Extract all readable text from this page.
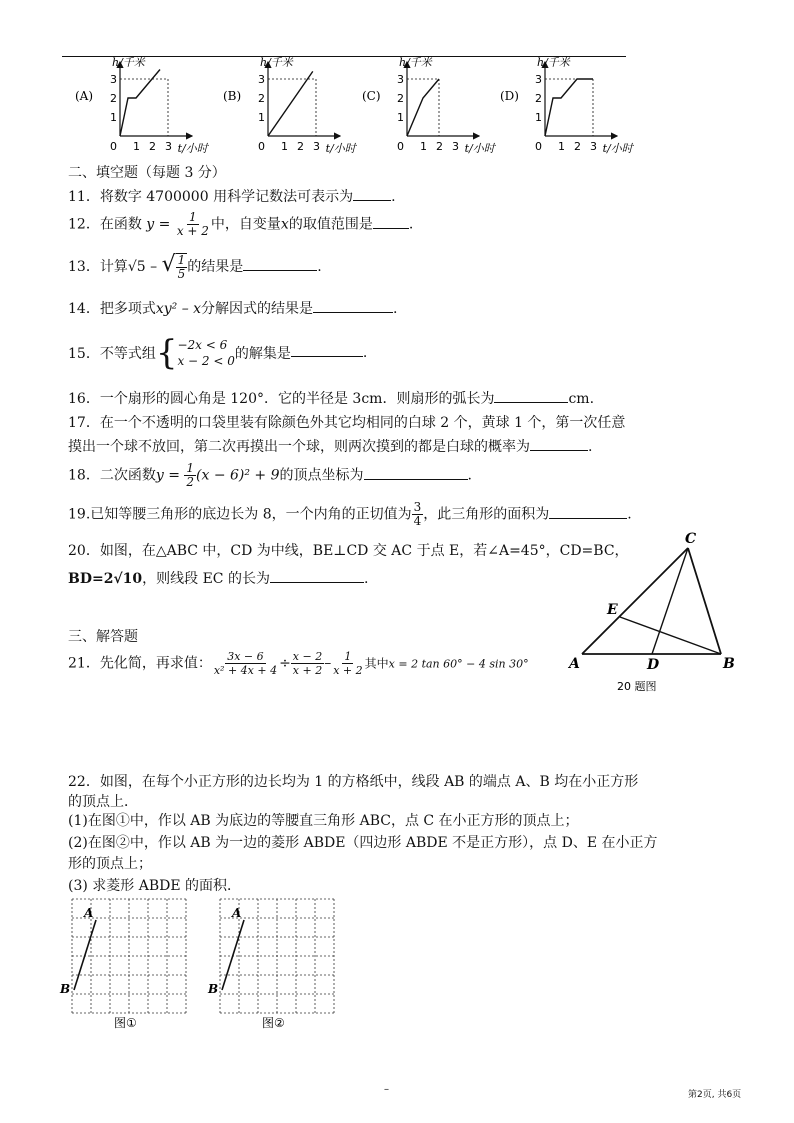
1
2
3
1 2 3
0
h/千米
t/小时
(A)
1
2
3
1 2 3
0
h/千米
t/小时
(B)
1
2
3
1 2 3
0
h/千米
t/小时
(C)
1
2
3
1 2 3
0
h/千米
t/小时
(D)
二、填空题（每题 3 分）
11．将数字 4700000 用科学记数法可表示为	.
12．在函数 $y = \frac{1}{x + 2}$ 中，自变量x的取值范围是	.
13．计算√5 – √ $\frac{1}{5}$ 的结果是	.
14．把多项式xy² – x分解因式的结果是	.
15．不等式组 { −2x < 6
x − 2 < 0 的解集是	.
16．一个扇形的圆心角是 120°．它的半径是 3cm．则扇形的弧长为	cm.
17．在一个不透明的口袋里装有除颜色外其它均相同的白球 2 个，黄球 1 个，第一次任意
摸出一个球不放回，第二次再摸出一个球，则两次摸到的都是白球的概率为	.
18．二次函数$y = \frac{1}{2} (x - 6)^2 + 9$的顶点坐标为	.
19.已知等腰三角形的底边长为 8，一个内角的正切值为 $\frac{3}{4}$ ，此三角形的面积为	.
20．如图，在△ABC 中，CD 为中线，BE⊥CD 交 AC 于点 E，若∠A=45°，CD=BC，
BD=2√10，则线段 EC 的长为	.
C
E
A	D	B
20 题图
三、解答题
21．先化简，再求值： $\frac{3x - 6}{\text{x² + 4x + 4}} \div \frac{x - 2}{x + 2} - \frac{1}{x + 2}$ 其中x = 2 tan 60° − 4 sin 30°
22．如图，在每个小正方形的边长均为 1 的方格纸中，线段 AB 的端点 A、B 均在小正方形
的顶点上．
(1)在图①中，作以 AB 为底边的等腰直三角形 ABC，点 C 在小正方形的顶点上；
(2)在图②中，作以 AB 为一边的菱形 ABDE（四边形 ABDE 不是正方形），点 D、E 在小正方
形的顶点上；
(3) 求菱形 ABDE 的面积．
A
B
图①
A
B
图②
–	第2页, 共6页
